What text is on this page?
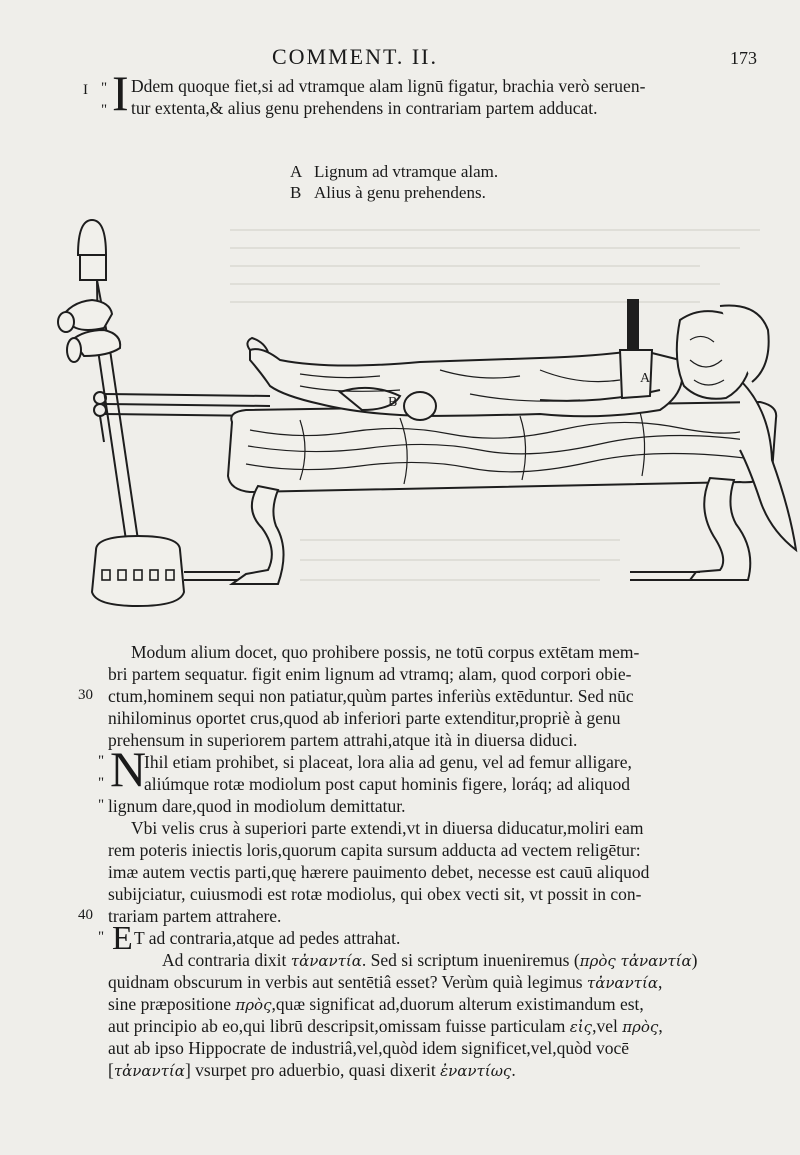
COMMENT. II.	173
I "
" I Ddem quoque fiet,si ad vtramque alam lignū figatur, brachia verò seruen-
tur extenta,& alius genu prehendens in contrariam partem adducat.
A Lignum ad vtramque alam.
B Alius à genu prehendens.
A
B
Modum alium docet, quo prohibere possis, ne totū corpus extētam mem-
bri partem sequatur. figit enim lignum ad vtramq; alam, quod corpori obie-
30 ctum,hominem sequi non patiatur,quùm partes inferiùs extēduntur. Sed nūc
nihilominus oportet crus,quod ab inferiori parte extenditur,propriè à genu
prehensum in superiorem partem attrahi,atque ità in diuersa diduci.
"
"
"
N
Ihil etiam prohibet, si placeat, lora alia ad genu, vel ad femur alligare,
aliúmque rotæ modiolum post caput hominis figere, loráq; ad aliquod
lignum dare,quod in modiolum demittatur.
Vbi velis crus à superiori parte extendi,vt in diuersa diducatur,moliri eam
rem poteris iniectis loris,quorum capita sursum adducta ad vectem religētur:
imæ autem vectis parti,quę hærere pauimento debet, necesse est cauū aliquod
subijciatur, cuiusmodi est rotæ modiolus, qui obex vecti sit, vt possit in con-
40 trariam partem attrahere.
" E T ad contraria,atque ad pedes attrahat.
Ad contraria dixit τἀναντία. Sed si scriptum inueniremus (πρὸς τἀναντία)
quidnam obscurum in verbis aut sentētiâ esset? Verùm quià legimus τἀναντία,
sine præpositione πρὸς,quæ significat ad,duorum alterum existimandum est,
aut principio ab eo,qui librū descripsit,omissam fuisse particulam εἰς,vel πρὸς,
aut ab ipso Hippocrate de industriâ,vel,quòd idem significet,vel,quòd vocē
[τἀναντία] vsurpet pro aduerbio, quasi dixerit ἐναντίως.
